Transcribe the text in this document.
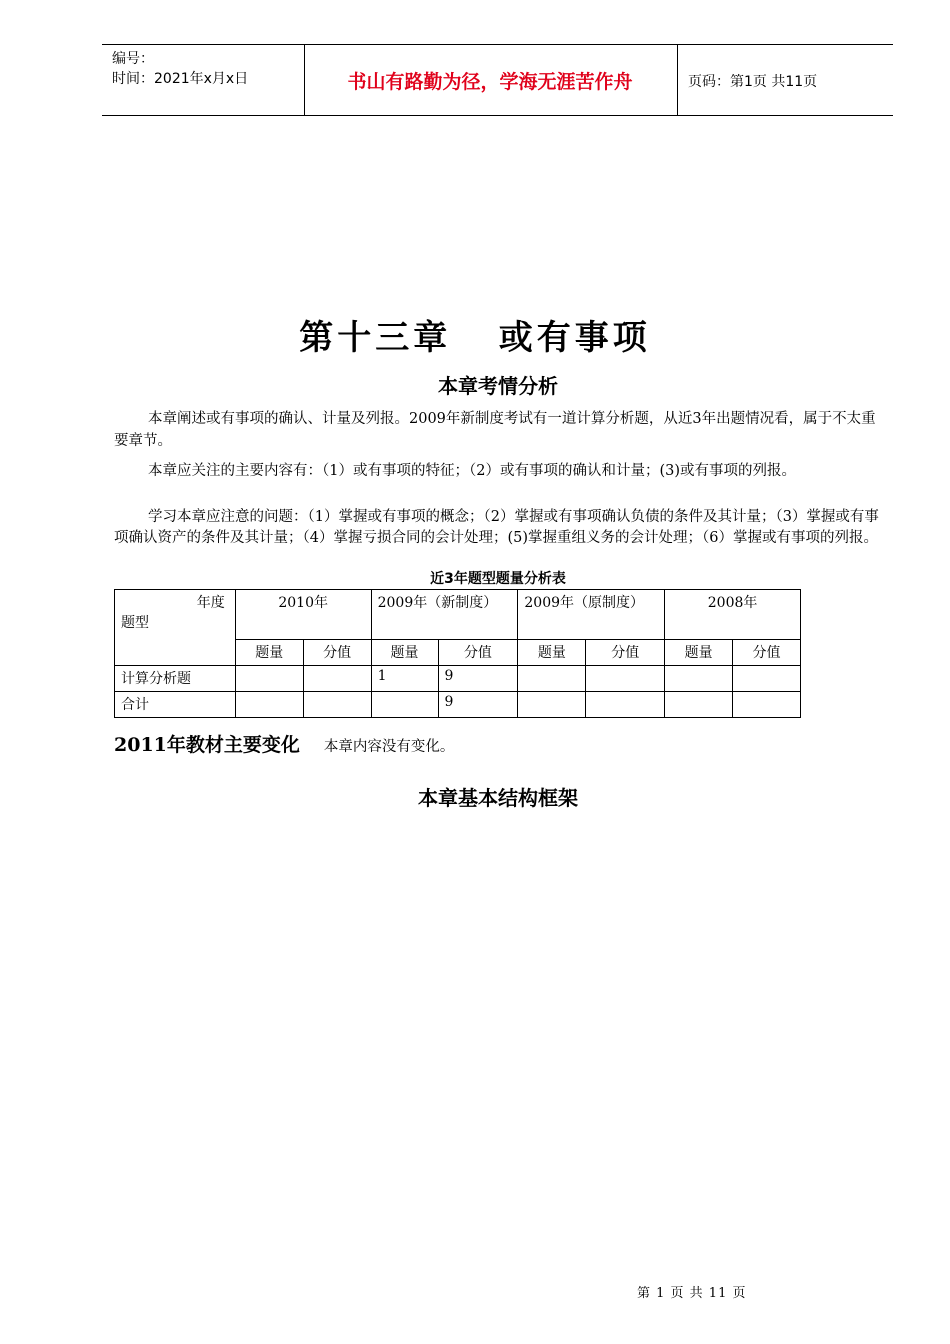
编号：
时间：2021年x月x日	书山有路勤为径，学海无涯苦作舟	页码：第1页 共11页
第十三章   或有事项
本章考情分析

本章阐述或有事项的确认、计量及列报。2009年新制度考试有一道计算分析题，从近3年出题情况看，属于不太重要章节。

本章应关注的主要内容有：（1）或有事项的特征；（2）或有事项的确认和计量；(3)或有事项的列报。

学习本章应注意的问题：（1）掌握或有事项的概念；（2）掌握或有事项确认负债的条件及其计量；（3）掌握或有事项确认资产的条件及其计量；（4）掌握亏损合同的会计处理；(5)掌握重组义务的会计处理；（6）掌握或有事项的列报。

近3年题型题量分析表
年度
题型	2010年		2009年（新制度）		2009年（原制度）		2008年	
	题量	分值	题量	分值	题量	分值	题量	分值
计算分析题			1	9				
合计				9				
2011年教材主要变化 本章内容没有变化。
本章基本结构框架
第 1 页 共 11 页
